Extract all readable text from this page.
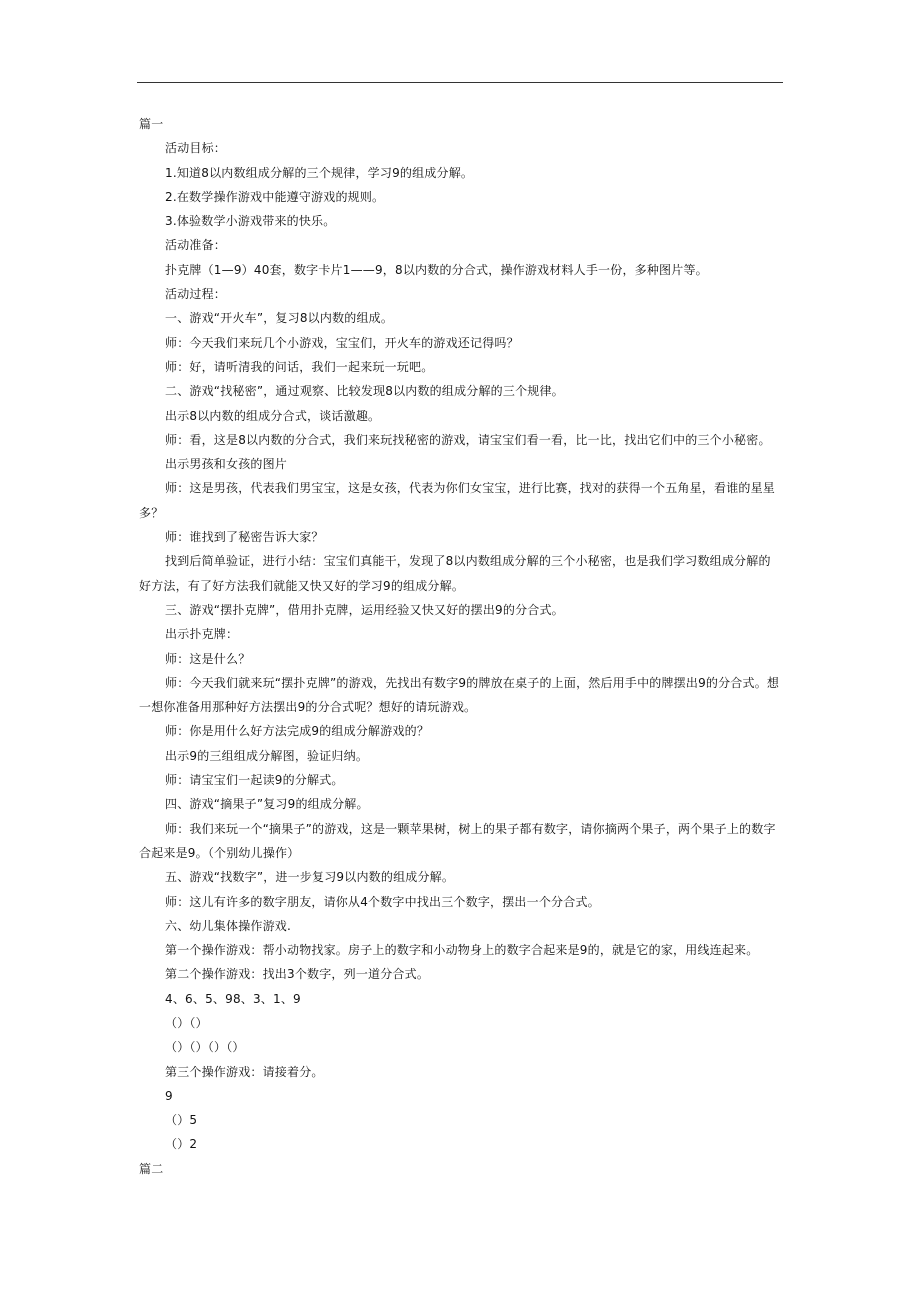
篇一
活动目标：
1.知道8以内数组成分解的三个规律，学习9的组成分解。
2.在数学操作游戏中能遵守游戏的规则。
3.体验数学小游戏带来的快乐。
活动准备：
扑克牌（1—9）40套，数字卡片1——9，8以内数的分合式，操作游戏材料人手一份，多种图片等。
活动过程：
一、游戏“开火车”，复习8以内数的组成。
师：今天我们来玩几个小游戏，宝宝们，开火车的游戏还记得吗？
师：好，请听清我的问话，我们一起来玩一玩吧。
二、游戏“找秘密”，通过观察、比较发现8以内数的组成分解的三个规律。
出示8以内数的组成分合式，谈话激趣。
师：看，这是8以内数的分合式，我们来玩找秘密的游戏，请宝宝们看一看，比一比，找出它们中的三个小秘密。
出示男孩和女孩的图片
师：这是男孩，代表我们男宝宝，这是女孩，代表为你们女宝宝，进行比赛，找对的获得一个五角星，看谁的星星
多？
师：谁找到了秘密告诉大家？
找到后简单验证，进行小结：宝宝们真能干，发现了8以内数组成分解的三个小秘密，也是我们学习数组成分解的
好方法，有了好方法我们就能又快又好的学习9的组成分解。
三、游戏“摆扑克牌”，借用扑克牌，运用经验又快又好的摆出9的分合式。
出示扑克牌：
师：这是什么？
师：今天我们就来玩“摆扑克牌”的游戏，先找出有数字9的牌放在桌子的上面，然后用手中的牌摆出9的分合式。想
一想你准备用那种好方法摆出9的分合式呢？想好的请玩游戏。
师：你是用什么好方法完成9的组成分解游戏的？
出示9的三组组成分解图，验证归纳。
师：请宝宝们一起读9的分解式。
四、游戏“摘果子”复习9的组成分解。
师：我们来玩一个“摘果子”的游戏，这是一颗苹果树，树上的果子都有数字，请你摘两个果子，两个果子上的数字
合起来是9。（个别幼儿操作）
五、游戏“找数字”，进一步复习9以内数的组成分解。
师：这儿有许多的数字朋友，请你从4个数字中找出三个数字，摆出一个分合式。
六、幼儿集体操作游戏.
第一个操作游戏：帮小动物找家。房子上的数字和小动物身上的数字合起来是9的，就是它的家，用线连起来。
第二个操作游戏：找出3个数字，列一道分合式。
4、6、5、98、3、1、9
（）（）
（）（）（）（）
第三个操作游戏：请接着分。
9
（）5
（）2
篇二
